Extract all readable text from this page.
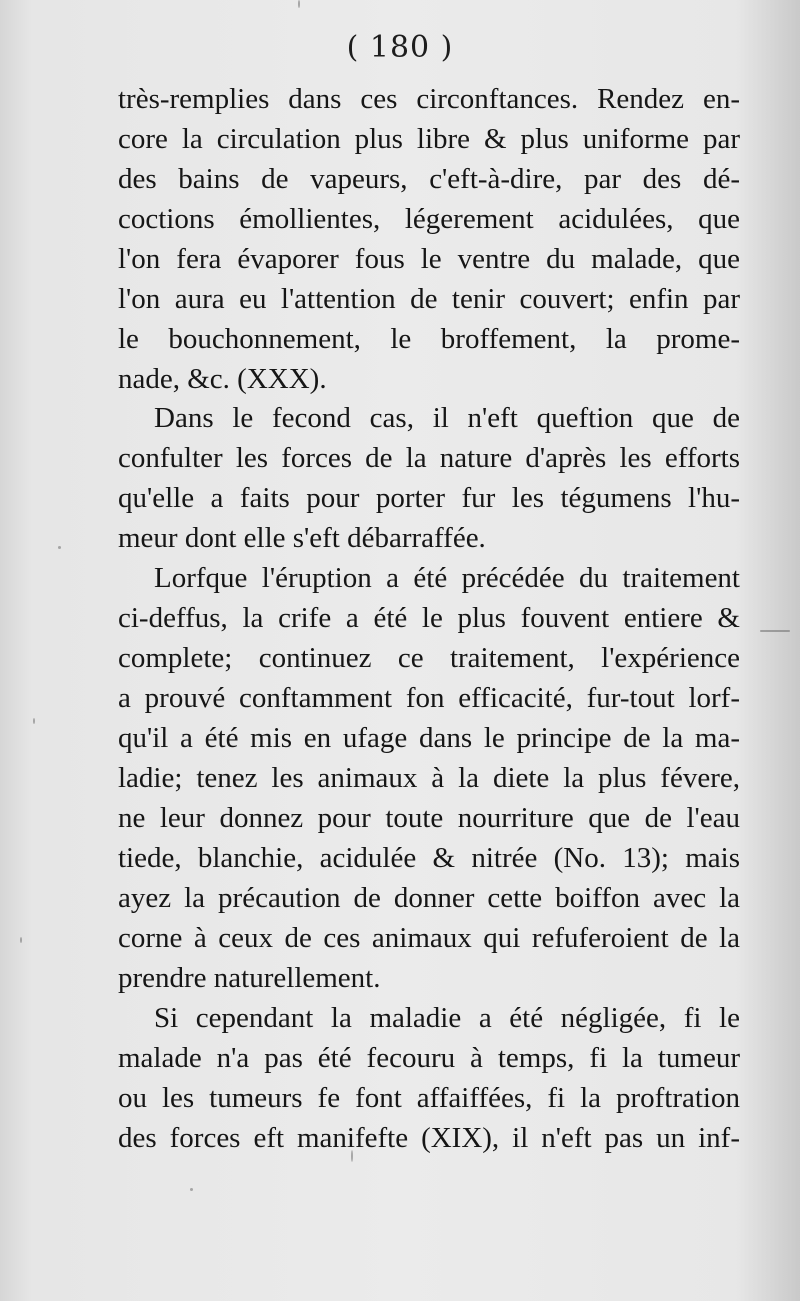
( 180 )
très-remplies dans ces circonftances. Rendez en-
core la circulation plus libre & plus uniforme par
des bains de vapeurs, c'eft-à-dire, par des dé-
coctions émollientes, légerement acidulées, que
l'on fera évaporer fous le ventre du malade, que
l'on aura eu l'attention de tenir couvert; enfin par
le bouchonnement, le broffement, la prome-
nade, &c. (XXX).
Dans le fecond cas, il n'eft queftion que de
confulter les forces de la nature d'après les efforts
qu'elle a faits pour porter fur les tégumens l'hu-
meur dont elle s'eft débarraffée.
Lorfque l'éruption a été précédée du traitement
ci-deffus, la crife a été le plus fouvent entiere &
complete; continuez ce traitement, l'expérience
a prouvé conftamment fon efficacité, fur-tout lorf-
qu'il a été mis en ufage dans le principe de la ma-
ladie; tenez les animaux à la diete la plus févere,
ne leur donnez pour toute nourriture que de l'eau
tiede, blanchie, acidulée & nitrée (No. 13); mais
ayez la précaution de donner cette boiffon avec la
corne à ceux de ces animaux qui refuferoient de la
prendre naturellement.
Si cependant la maladie a été négligée, fi le
malade n'a pas été fecouru à temps, fi la tumeur
ou les tumeurs fe font affaiffées, fi la proftration
des forces eft manifefte (XIX), il n'eft pas un inf-
